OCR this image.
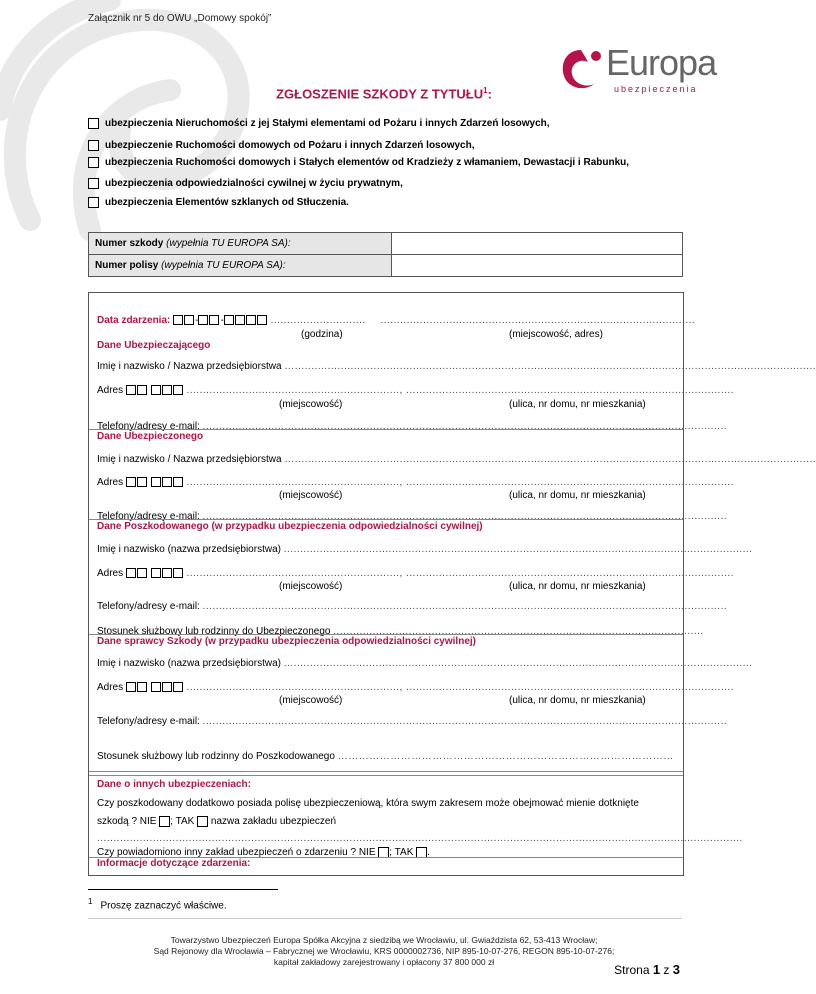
Załącznik nr 5 do OWU „Domowy spokój”
Europa
ubezpieczenia
ZGŁOSZENIE SZKODY Z TYTUŁU$^1$:
ubezpieczenia Nieruchomości z jej Stałymi elementami od Pożaru i innych Zdarzeń losowych,
ubezpieczenie Ruchomości domowych od Pożaru i innych Zdarzeń losowych,
ubezpieczenia Ruchomości domowych i Stałych elementów od Kradzieży z włamaniem, Dewastacji i Rabunku,
ubezpieczenia odpowiedzialności cywilnej w życiu prywatnym,
ubezpieczenia Elementów szklanych od Stłuczenia.
Numer szkody (wypełnia TU EUROPA SA):	
Numer polisy (wypełnia TU EUROPA SA):	
Data zdarzenia: - -	............................. ................................................................................................
(godzina)	(miejscowość, adres)
Dane Ubezpieczającego
Imię i nazwisko / Nazwa przedsiębiorstwa …...............................................................................................................................................................
Adres	................................................................., ....................................................................................................
(miejscowość)	(ulica, nr domu, nr mieszkania)
Telefony/adresy e-mail: ................................................................................................................................................................
Dane Ubezpieczonego
Imię i nazwisko / Nazwa przedsiębiorstwa …...............................................................................................................................................................
Adres	................................................................., ....................................................................................................
(miejscowość)	(ulica, nr domu, nr mieszkania)
Telefony/adresy e-mail: ................................................................................................................................................................
Dane Poszkodowanego (w przypadku ubezpieczenia odpowiedzialności cywilnej)
Imię i nazwisko (nazwa przedsiębiorstwa) ...............................................................................................................................................
Adres	................................................................., ....................................................................................................
(miejscowość)	(ulica, nr domu, nr mieszkania)
Telefony/adresy e-mail: ................................................................................................................................................................
Stosunek służbowy lub rodzinny do Ubezpieczonego .................................................................................................................
Dane sprawcy Szkody (w przypadku ubezpieczenia odpowiedzialności cywilnej)
Imię i nazwisko (nazwa przedsiębiorstwa) ...............................................................................................................................................
Adres	................................................................., ....................................................................................................
(miejscowość)	(ulica, nr domu, nr mieszkania)
Telefony/adresy e-mail: ................................................................................................................................................................
Stosunek służbowy lub rodzinny do Poszkodowanego ……………………………………………………………………………………
Dane o innych ubezpieczeniach:
Czy poszkodowany dodatkowo posiada polisę ubezpieczeniową, która swym zakresem może obejmować mienie dotknięte
szkodą ? NIE ; TAK nazwa zakładu ubezpieczeń
.....................................................................................................................................................................................................
Czy powiadomiono inny zakład ubezpieczeń o zdarzeniu ? NIE ; TAK .
Informacje dotyczące zdarzenia:
$^1$ Proszę zaznaczyć właściwe.
Towarzystwo Ubezpieczeń Europa Spółka Akcyjna z siedzibą we Wrocławiu, ul. Gwiaździsta 62, 53-413 Wrocław;
Sąd Rejonowy dla Wrocławia – Fabrycznej we Wrocławiu, KRS 0000002736, NIP 895-10-07-276, REGON 895-10-07-276;
kapitał zakładowy zarejestrowany i opłacony 37 800 000 zł
Strona 1 z 3
